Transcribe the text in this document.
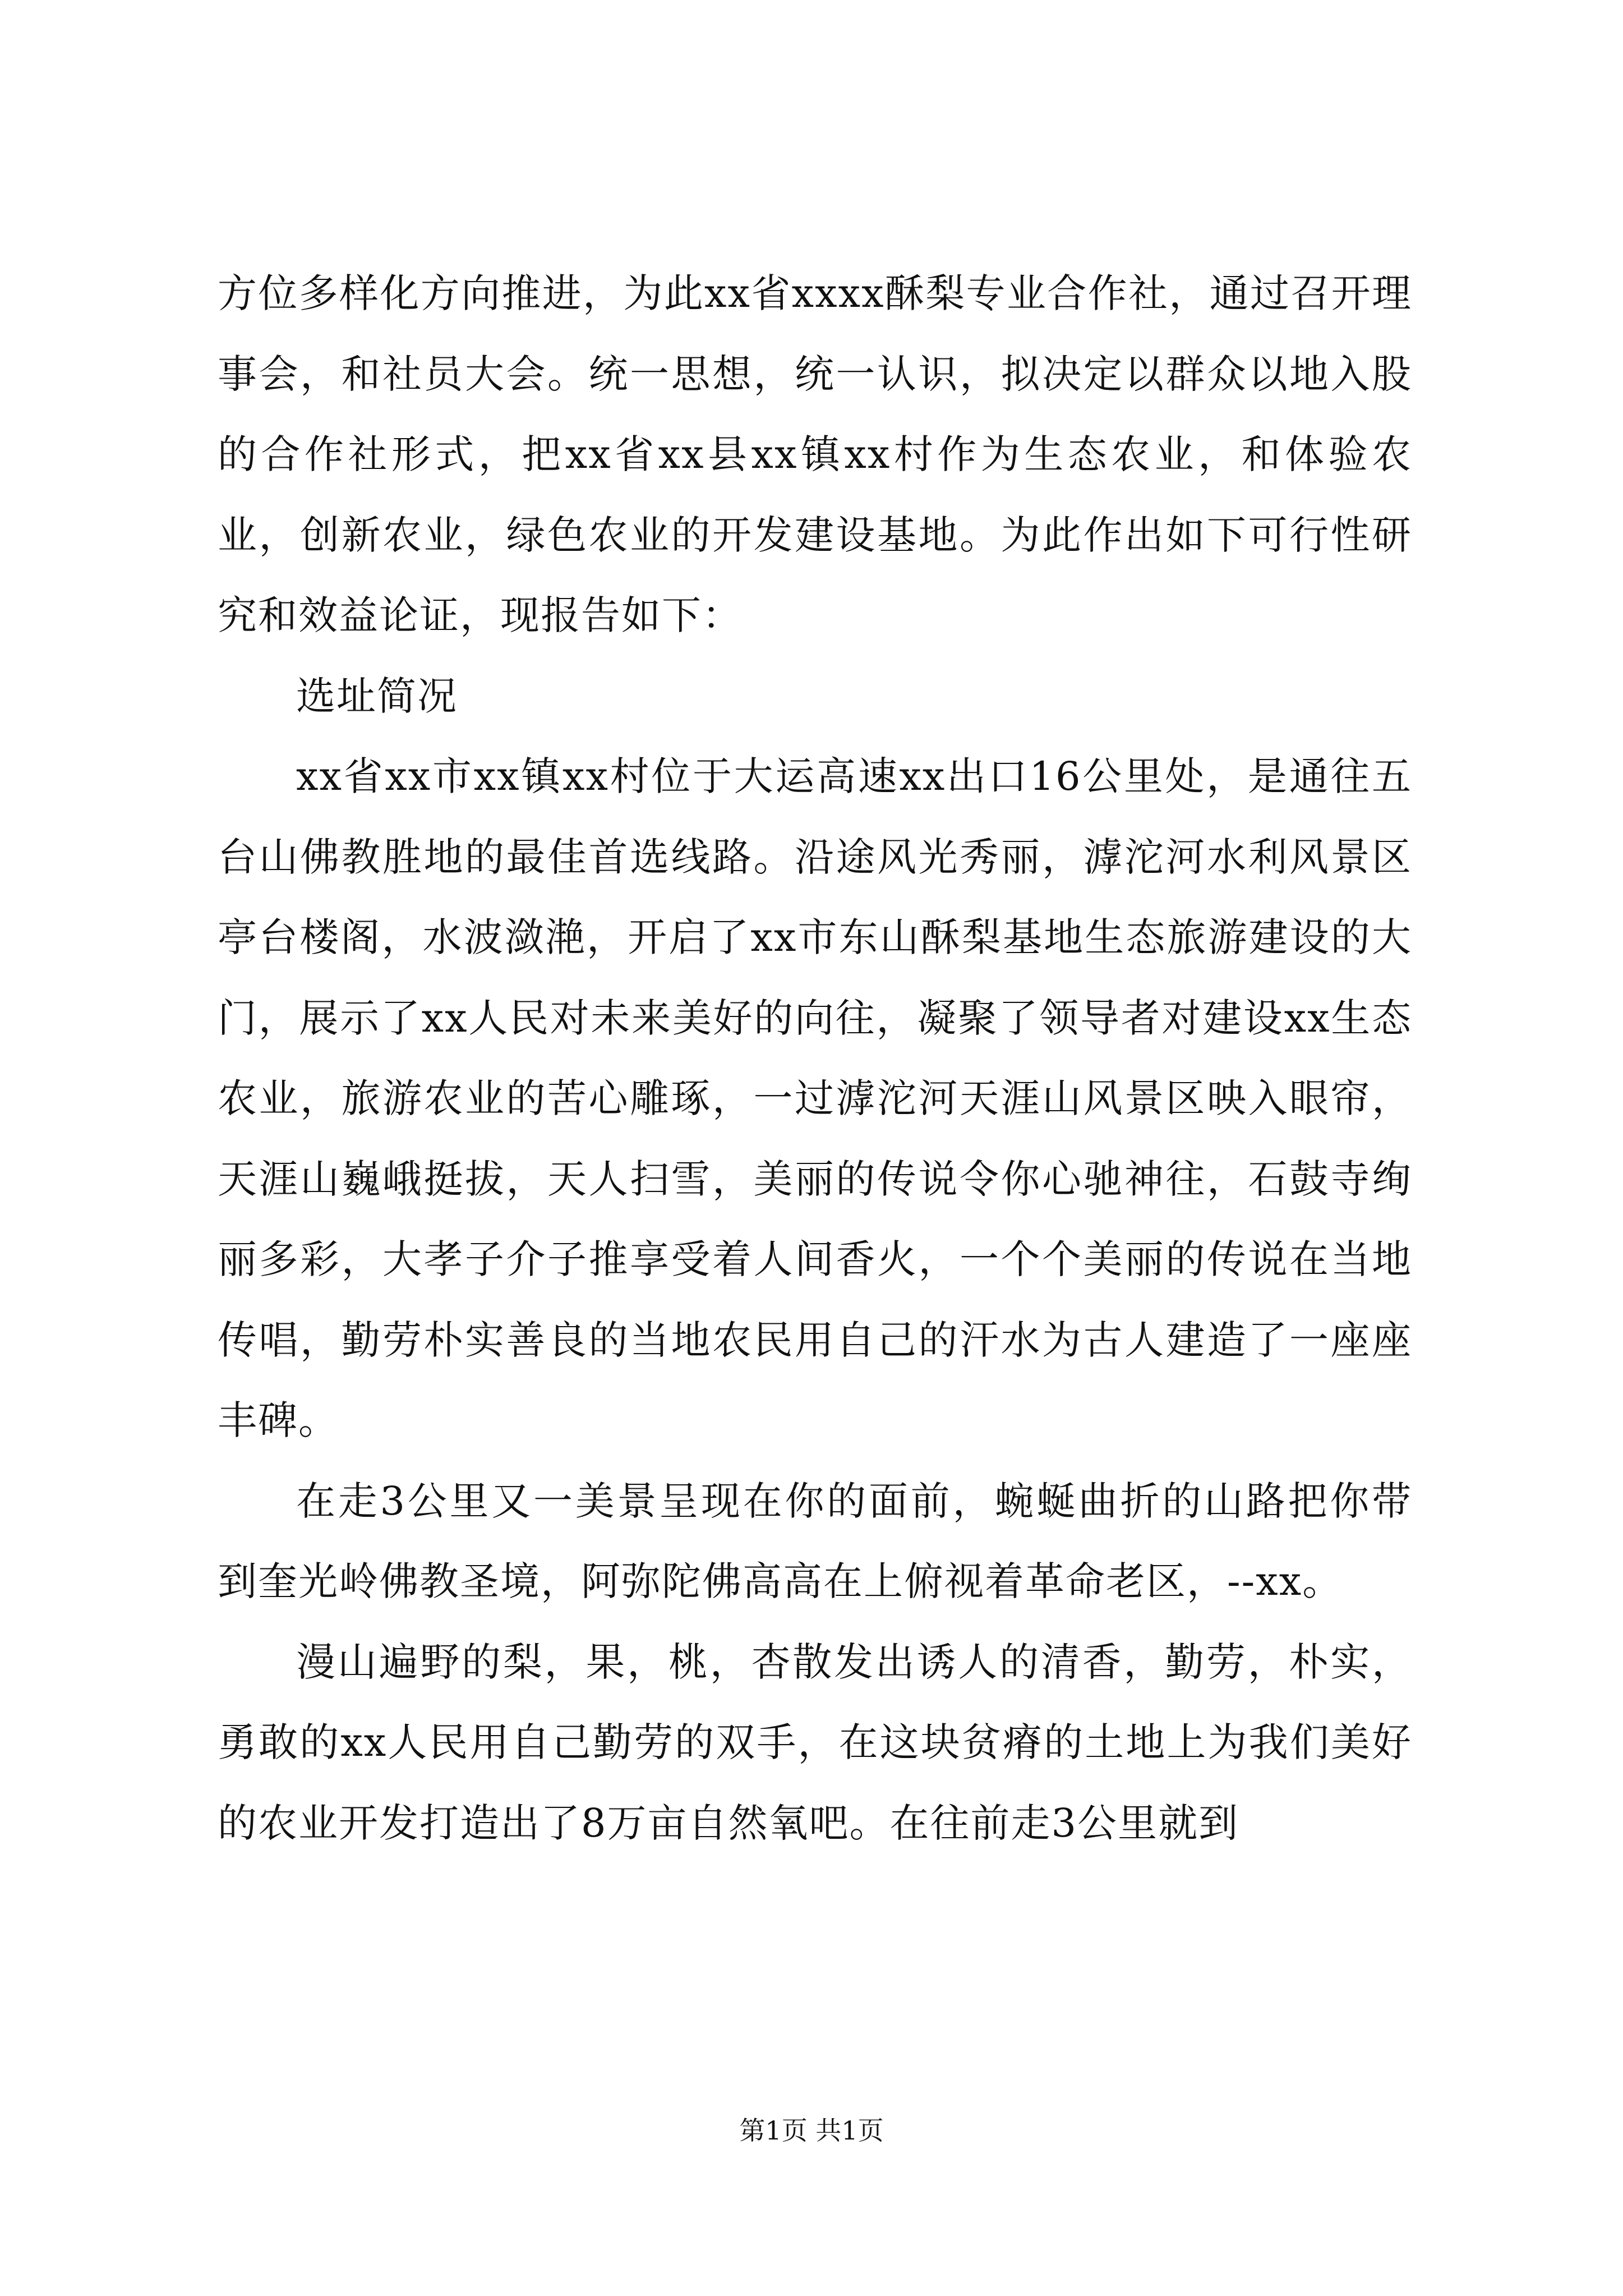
方位多样化方向推进，为此xx省xxxx酥梨专业合作社，通过召开理事会，和社员大会。统一思想，统一认识，拟决定以群众以地入股的合作社形式，把xx省xx县xx镇xx村作为生态农业，和体验农业，创新农业，绿色农业的开发建设基地。为此作出如下可行性研究和效益论证，现报告如下：

选址简况

xx省xx市xx镇xx村位于大运高速xx出口16公里处，是通往五台山佛教胜地的最佳首选线路。沿途风光秀丽，滹沱河水利风景区亭台楼阁，水波潋滟，开启了xx市东山酥梨基地生态旅游建设的大门，展示了xx人民对未来美好的向往，凝聚了领导者对建设xx生态农业，旅游农业的苦心雕琢，一过滹沱河天涯山风景区映入眼帘，天涯山巍峨挺拔，天人扫雪，美丽的传说令你心驰神往，石鼓寺绚丽多彩，大孝子介子推享受着人间香火，一个个美丽的传说在当地传唱，勤劳朴实善良的当地农民用自己的汗水为古人建造了一座座丰碑。

在走3公里又一美景呈现在你的面前，蜿蜒曲折的山路把你带到奎光岭佛教圣境，阿弥陀佛高高在上俯视着革命老区，--xx。

漫山遍野的梨，果，桃，杏散发出诱人的清香，勤劳，朴实，勇敢的xx人民用自己勤劳的双手，在这块贫瘠的土地上为我们美好的农业开发打造出了8万亩自然氧吧。在往前走3公里就到

第1页 共1页
